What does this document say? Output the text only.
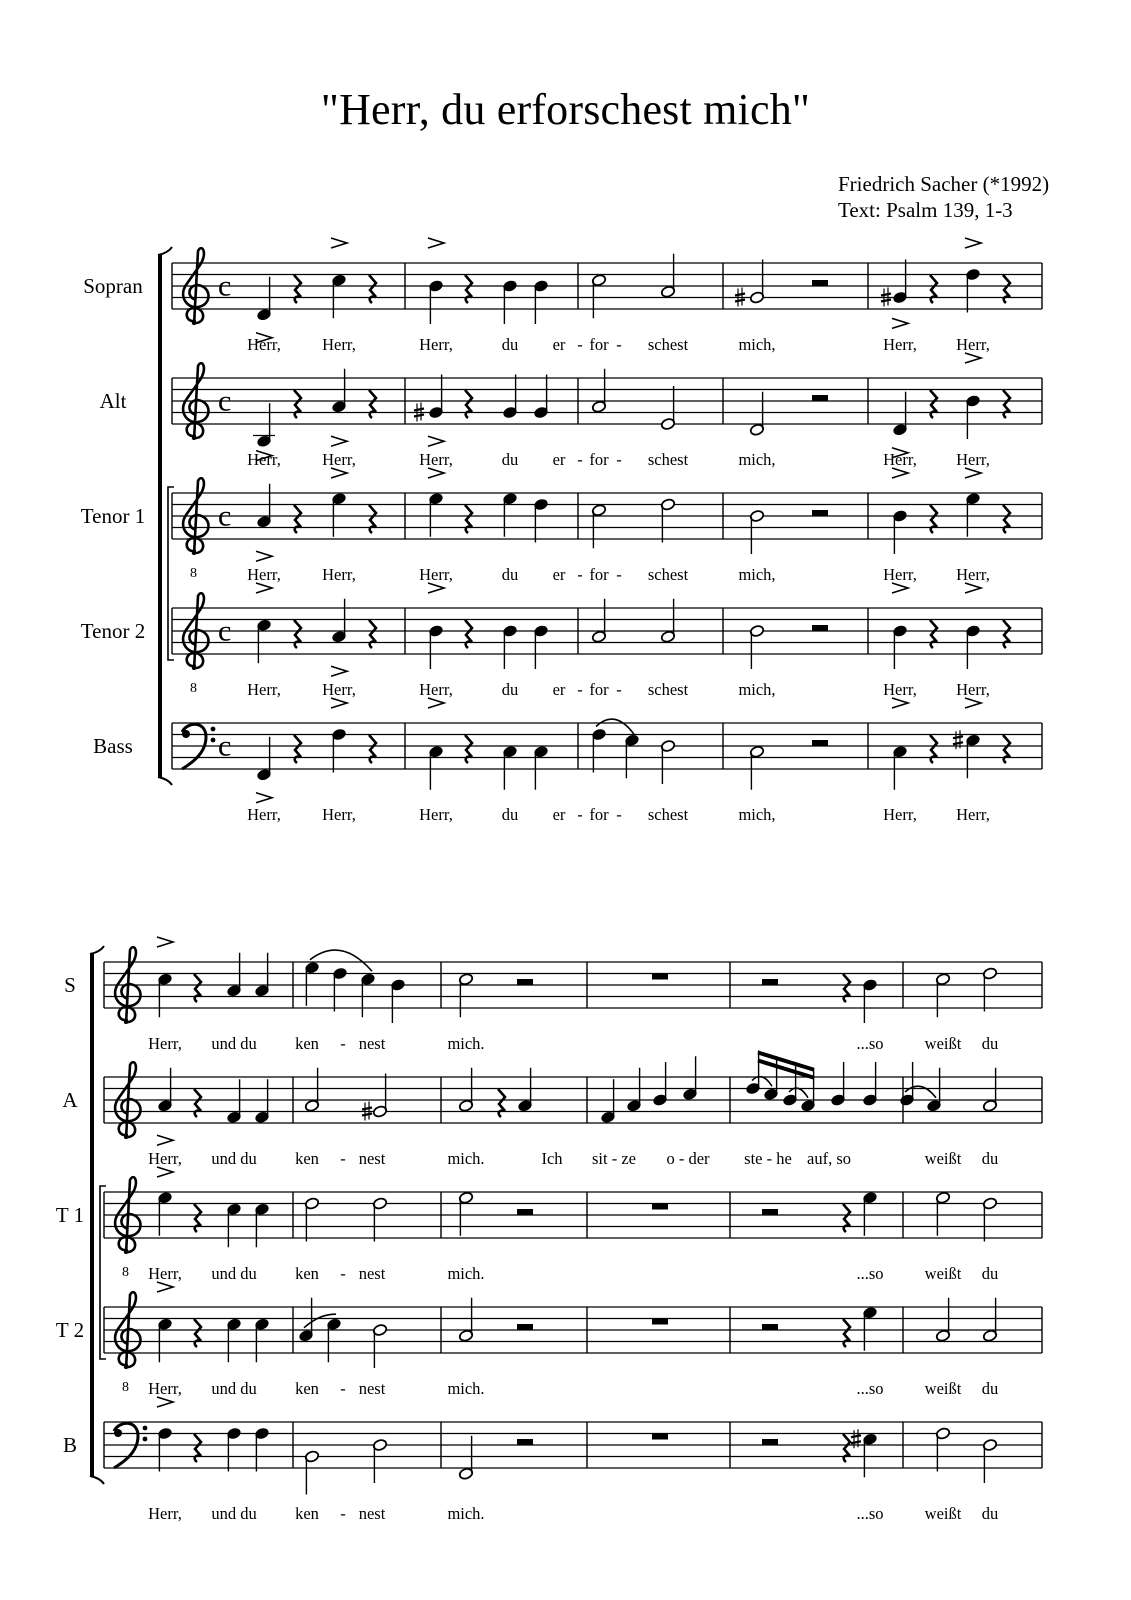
"Herr, du erforschest mich"
Friedrich Sacher (*1992)
Text: Psalm 139, 1-3
c
c
c
c
c
Sopran
Herr,	Herr,	Herr,	du er - for - schest	mich,	Herr, Herr,
Alt
Herr,	Herr,	Herr,	du er - for - schest	mich,	Herr, Herr,
8
Tenor 1
Herr,	Herr,	Herr,	du er - for - schest	mich,	Herr, Herr,
8
Tenor 2
Herr,	Herr,	Herr,	du er - for - schest	mich,	Herr, Herr,
Bass
Herr,	Herr,	Herr,	du er - for - schest	mich,	Herr, Herr,
S
Herr, und du ken - nest	mich.	...so weißt du
A
Herr, und du ken - nest	mich.	Ich sit - ze o - der ste - he auf, so	weißt du
8
T 1
Herr, und du ken - nest	mich.	...so weißt du
8
T 2
Herr, und du ken - nest	mich.	...so weißt du
B
Herr, und du ken - nest	mich.	...so weißt du
